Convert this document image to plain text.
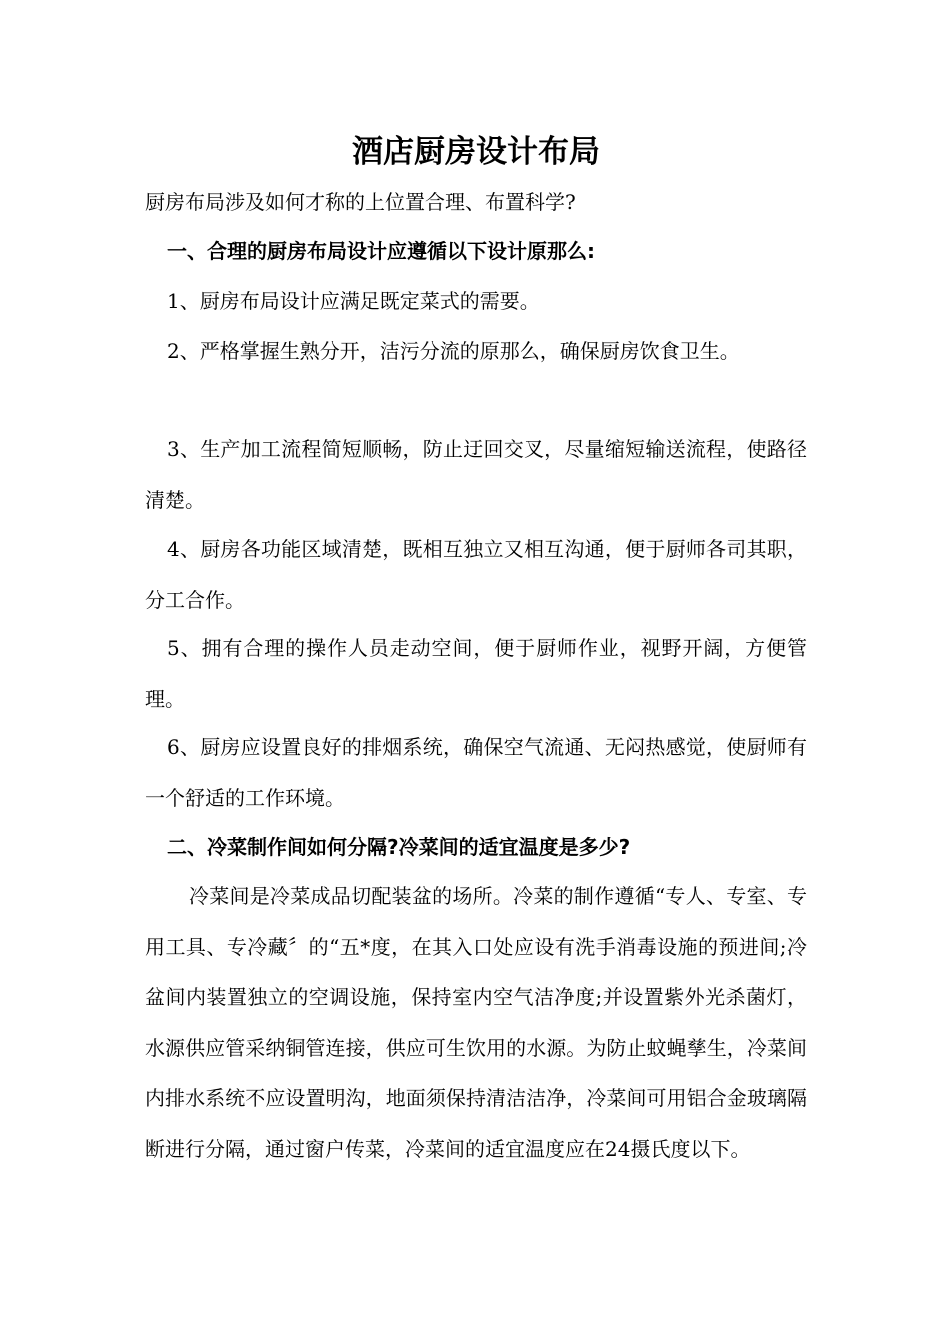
酒店厨房设计布局

厨房布局涉及如何才称的上位置合理、布置科学?

一、合理的厨房布局设计应遵循以下设计原那么:

1、厨房布局设计应满足既定菜式的需要。

2、严格掌握生熟分开，洁污分流的原那么，确保厨房饮食卫生。

3、生产加工流程简短顺畅，防止迂回交叉，尽量缩短输送流程，使路径清楚。

4、厨房各功能区域清楚，既相互独立又相互沟通，便于厨师各司其职，分工合作。

5、拥有合理的操作人员走动空间，便于厨师作业，视野开阔，方便管理。

6、厨房应设置良好的排烟系统，确保空气流通、无闷热感觉，使厨师有一个舒适的工作环境。

二、冷菜制作间如何分隔?冷菜间的适宜温度是多少?

冷菜间是冷菜成品切配装盆的场所。冷菜的制作遵循“专人、专室、专用工具、专冷藏〞的“五*度，在其入口处应设有洗手消毒设施的预进间;冷盆间内装置独立的空调设施，保持室内空气洁净度;并设置紫外光杀菌灯，水源供应管采纳铜管连接，供应可生饮用的水源。为防止蚊蝇孳生，冷菜间内排水系统不应设置明沟，地面须保持清洁洁净，冷菜间可用铝合金玻璃隔断进行分隔，通过窗户传菜，冷菜间的适宜温度应在24摄氏度以下。
